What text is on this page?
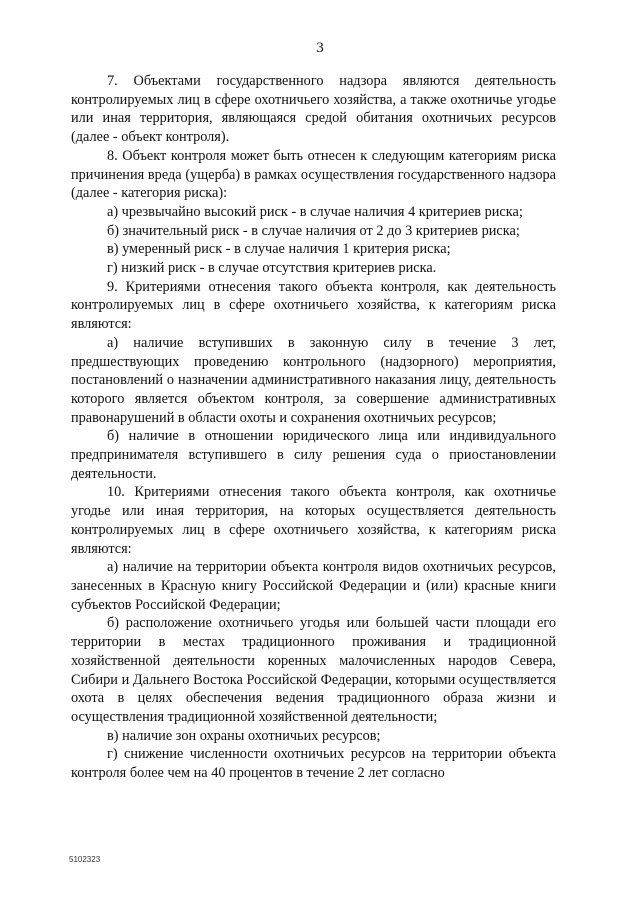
3

7. Объектами государственного надзора являются деятельность контролируемых лиц в сфере охотничьего хозяйства, а также охотничье угодье или иная территория, являющаяся средой обитания охотничьих ресурсов (далее - объект контроля).

8. Объект контроля может быть отнесен к следующим категориям риска причинения вреда (ущерба) в рамках осуществления государственного надзора (далее - категория риска):

а) чрезвычайно высокий риск - в случае наличия 4 критериев риска;

б) значительный риск - в случае наличия от 2 до 3 критериев риска;

в) умеренный риск - в случае наличия 1 критерия риска;

г) низкий риск - в случае отсутствия критериев риска.

9. Критериями отнесения такого объекта контроля, как деятельность контролируемых лиц в сфере охотничьего хозяйства, к категориям риска являются:

а) наличие вступивших в законную силу в течение 3 лет, предшествующих проведению контрольного (надзорного) мероприятия, постановлений о назначении административного наказания лицу, деятельность которого является объектом контроля, за совершение административных правонарушений в области охоты и сохранения охотничьих ресурсов;

б) наличие в отношении юридического лица или индивидуального предпринимателя вступившего в силу решения суда о приостановлении деятельности.

10. Критериями отнесения такого объекта контроля, как охотничье угодье или иная территория, на которых осуществляется деятельность контролируемых лиц в сфере охотничьего хозяйства, к категориям риска являются:

а) наличие на территории объекта контроля видов охотничьих ресурсов, занесенных в Красную книгу Российской Федерации и (или) красные книги субъектов Российской Федерации;

б) расположение охотничьего угодья или большей части площади его территории в местах традиционного проживания и традиционной хозяйственной деятельности коренных малочисленных народов Севера, Сибири и Дальнего Востока Российской Федерации, которыми осуществляется охота в целях обеспечения ведения традиционного образа жизни и осуществления традиционной хозяйственной деятельности;

в) наличие зон охраны охотничьих ресурсов;

г) снижение численности охотничьих ресурсов на территории объекта контроля более чем на 40 процентов в течение 2 лет согласно

5102323
